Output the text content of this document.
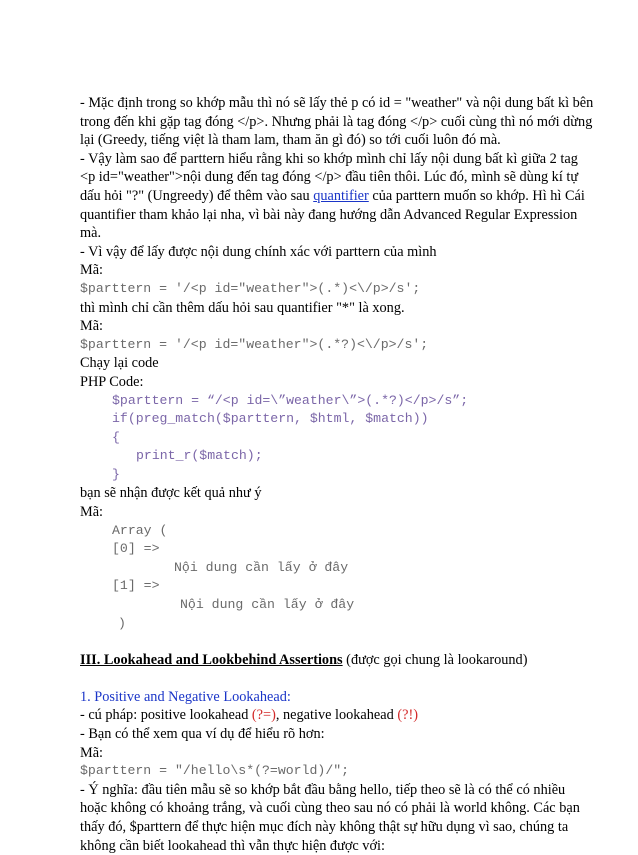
- Mặc định trong so khớp mẫu thì nó sẽ lấy thẻ p có id = "weather" và nội dung bất kì bên
trong đến khi gặp tag đóng </p>. Nhưng phải là tag đóng </p> cuối cùng thì nó mới dừng
lại (Greedy, tiếng việt là tham lam, tham ăn gì đó) so tới cuối luôn đó mà.
- Vậy làm sao để parttern hiểu rằng khi so khớp mình chỉ lấy nội dung bất kì giữa 2 tag
<p id="weather">nội dung đến tag đóng </p> đầu tiên thôi. Lúc đó, mình sẽ dùng kí tự
dấu hỏi "?" (Ungreedy) để thêm vào sau quantifier của parttern muốn so khớp. Hì hì Cái
quantifier tham khảo lại nha, vì bài này đang hướng dẫn Advanced Regular Expression
mà.
- Vì vậy để lấy được nội dung chính xác với parttern của mình
Mã:
$parttern = '/<p id="weather">(.*)<\/p>/s';
thì mình chỉ cần thêm dấu hỏi sau quantifier "*" là xong.
Mã:
$parttern = '/<p id="weather">(.*?)<\/p>/s';
Chạy lại code
PHP Code:
$parttern = “/<p id=\”weather\”>(.*?)</p>/s”;
if(preg_match($parttern, $html, $match))
{
print_r($match);
}
bạn sẽ nhận được kết quả như ý
Mã:
Array (
[0] =>
Nội dung cần lấy ở đây
[1] =>
Nội dung cần lấy ở đây
)
III. Lookahead and Lookbehind Assertions (được gọi chung là lookaround)
1. Positive and Negative Lookahead:
- cú pháp: positive lookahead (?=), negative lookahead (?!)
- Bạn có thể xem qua ví dụ để hiểu rõ hơn:
Mã:
$parttern = "/hello\s*(?=world)/";
- Ý nghĩa: đầu tiên mẫu sẽ so khớp bắt đầu bằng hello, tiếp theo sẽ là có thể có nhiều
hoặc không có khoảng trắng, và cuối cùng theo sau nó có phải là world không. Các bạn
thấy đó, $parttern để thực hiện mục đích này không thật sự hữu dụng vì sao, chúng ta
không cần biết lookahead thì vẫn thực hiện được với:
